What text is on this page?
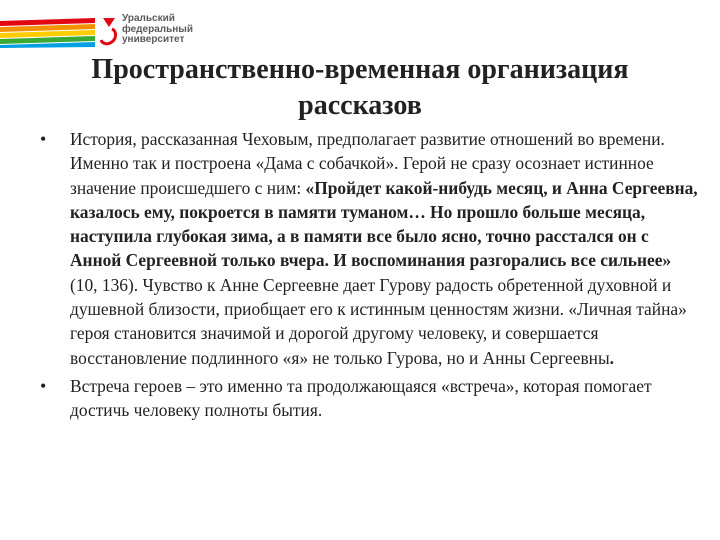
Уральский
федеральный
университет
Пространственно-временная организация
рассказов
• История, рассказанная Чеховым, предполагает развитие отношений во времени. Именно так и построена «Дама с собачкой». Герой не сразу осознает истинное значение происшедшего с ним: «Пройдет какой-нибудь месяц, и Анна Сергеевна, казалось ему, покроется в памяти туманом… Но прошло больше месяца, наступила глубокая зима, а в памяти все было ясно, точно расстался он с Анной Сергеевной только вчера. И воспоминания разгорались все сильнее» (10, 136). Чувство к Анне Сергеевне дает Гурову радость обретенной духовной и душевной близости, приобщает его к истинным ценностям жизни. «Личная тайна» героя становится значимой и дорогой другому человеку, и совершается восстановление подлинного «я» не только Гурова, но и Анны Сергеевны.
• Встреча героев – это именно та продолжающаяся «встреча», которая помогает достичь человеку полноты бытия.
